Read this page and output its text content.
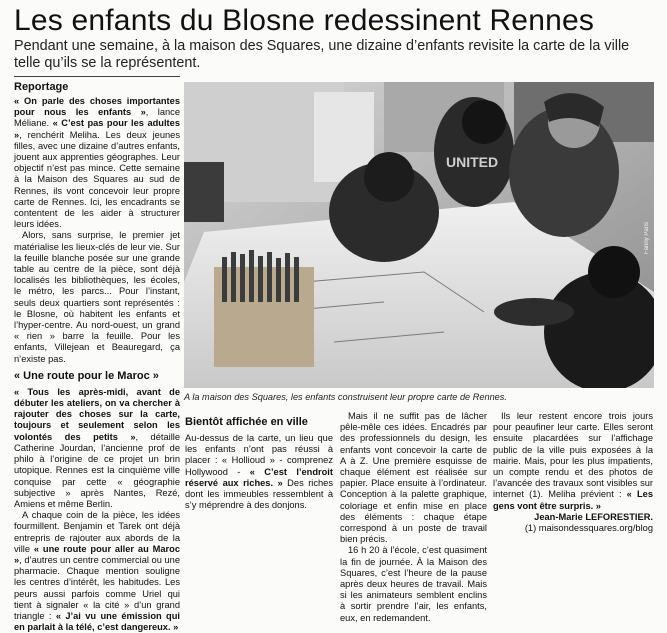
Les enfants du Blosne redessinent Rennes
Pendant une semaine, à la maison des Squares, une dizaine d’enfants revisite la carte de la ville telle qu’ils se la représentent.
Reportage

« On parle des choses importantes pour nous les enfants », lance Méliane. « C’est pas pour les adultes », renchérit Meliha. Les deux jeunes filles, avec une dizaine d’autres enfants, jouent aux apprenties géographes. Leur objectif n’est pas mince. Cette semaine à la Maison des Squares au sud de Rennes, ils vont concevoir leur propre carte de Rennes. Ici, les encadrants se contentent de les aider à structurer leurs idées.

Alors, sans surprise, le premier jet matérialise les lieux-clés de leur vie. Sur la feuille blanche posée sur une grande table au centre de la pièce, sont déjà localisés les bibliothèques, les écoles, le métro, les parcs... Pour l’instant, seuls deux quartiers sont représentés : le Blosne, où habitent les enfants et l’hyper-centre. Au nord-ouest, un grand « rien » barre la feuille. Pour les enfants, Villejean et Beauregard, ça n’existe pas.

« Une route pour le Maroc »

« Tous les après-midi, avant de débuter les ateliers, on va chercher à rajouter des choses sur la carte, toujours et seulement selon les volontés des petits », détaille Catherine Jourdan, l’ancienne prof de philo à l’origine de ce projet un brin utopique. Rennes est la cinquième ville conquise par cette « géographie subjective » après Nantes, Rezé, Amiens et même Berlin.

A chaque coin de la pièce, les idées fourmillent. Benjamin et Tarek ont déjà entrepris de rajouter aux abords de la ville « une route pour aller au Maroc », d’autres un centre commercial ou une pharmacie. Chaque mention souligne les centres d’intérêt, les habitudes. Les peurs aussi parfois comme Uriel qui tient à signaler « la cité » d’un grand triangle : « J’ai vu une émission qui en parlait à la télé, c’est dangereux. »

UNITED
Fanny Paris
A la maison des Squares, les enfants construisent leur propre carte de Rennes.
Bientôt affichée en ville

Au-dessus de la carte, un lieu que les enfants n’ont pas réussi à placer : « Hollioud » - comprenez Hollywood - « C’est l’endroit réservé aux riches. » Des riches dont les immeubles ressemblent à s’y méprendre à des donjons.

Mais il ne suffit pas de lâcher pêle-mêle ces idées. Encadrés par des professionnels du design, les enfants vont concevoir la carte de A à Z. Une première esquisse de chaque élément est réalisée sur papier. Place ensuite à l’ordinateur. Conception à la palette graphique, coloriage et enfin mise en place des éléments : chaque étape correspond à un poste de travail bien précis.

16 h 20 à l’école, c’est quasiment la fin de journée. À la Maison des Squares, c’est l’heure de la pause après deux heures de travail. Mais si les animateurs semblent enclins à sortir prendre l’air, les enfants, eux, en redemandent.

Ils leur restent encore trois jours pour peaufiner leur carte. Elles seront ensuite placardées sur l’affichage public de la ville puis exposées à la mairie. Mais, pour les plus impatients, un compte rendu et des photos de l’avancée des travaux sont visibles sur internet (1). Meliha prévient : « Les gens vont être surpris. »

Jean-Marie LEFORESTIER.

(1) maisondessquares.org/blog
